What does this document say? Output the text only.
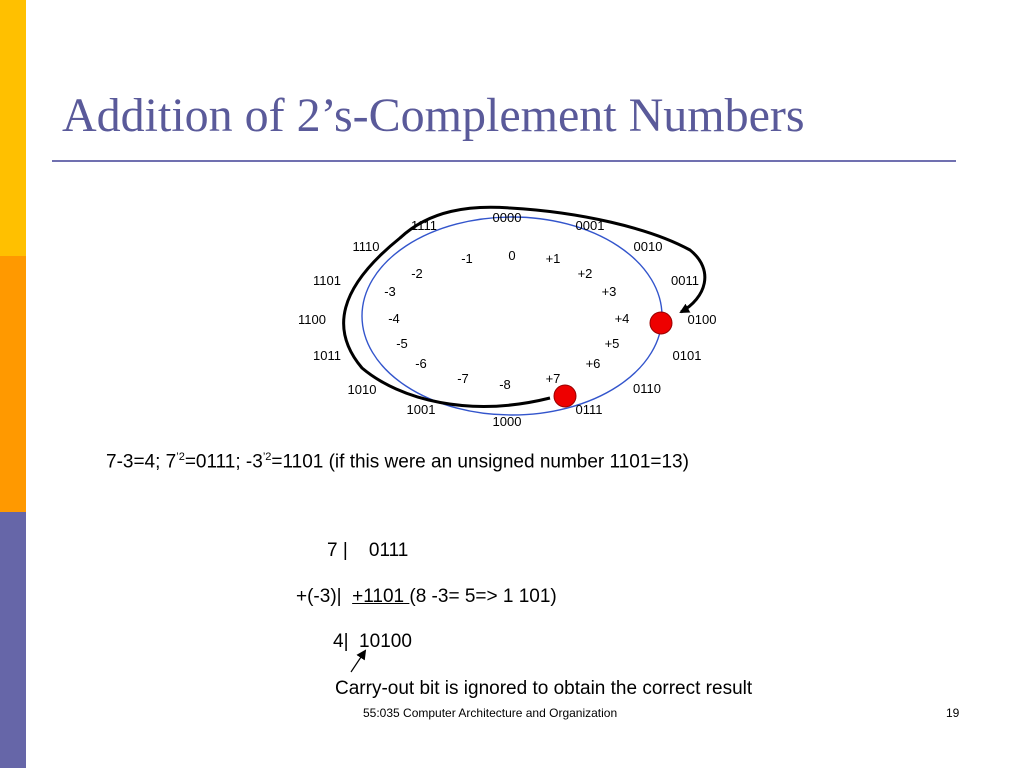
Addition of 2’s-Complement Numbers
0000
0001
0010
0011
0100
0101
0110
0111
1000
1001
1010
1011
1100
1101
1110
1111
0 +1
+2
+3
+4
+5
+6
+7
-8
-7
-6
-5
-4
-3
-2
-1
7-3=4; $7^{’2}=0111$; $-3^{’2}=1101$ (if this were an unsigned number 1101=13)
7 |    0111
+(-3)|  +1101 (8 -3= 5=> 1 101)
4|  10100
Carry-out bit is ignored to obtain the correct result
55:035 Computer Architecture and Organization	19
